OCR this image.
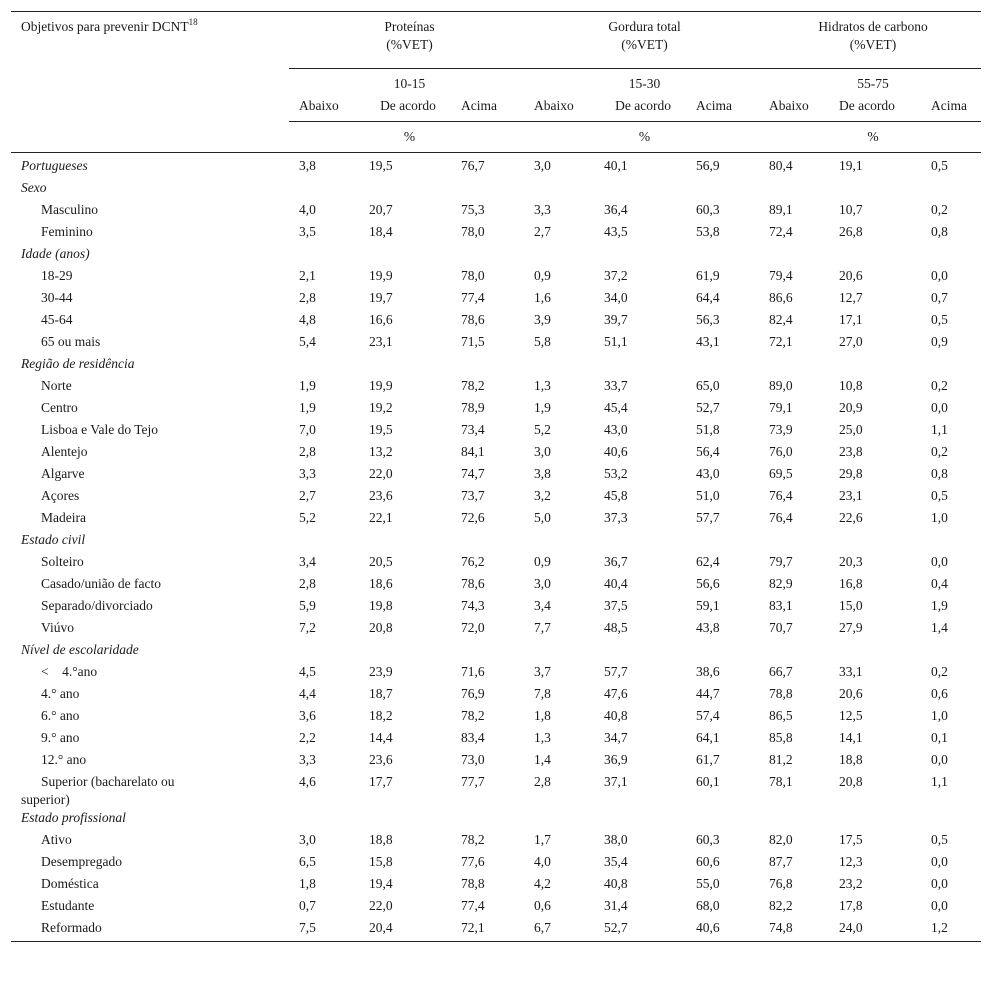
Objetivos para prevenir DCNT$^{18}$	Proteínas
(%VET)			Gordura total
(%VET)			Hidratos de carbono
(%VET)		
	10-15			15-30			55-75		
	Abaixo	De acordo	Acima	Abaixo	De acordo	Acima	Abaixo	De acordo	Acima
	%			%			%		
Portugueses	3,8	19,5	76,7	3,0	40,1	56,9	80,4	19,1	0,5
Sexo									
Masculino	4,0	20,7	75,3	3,3	36,4	60,3	89,1	10,7	0,2
Feminino	3,5	18,4	78,0	2,7	43,5	53,8	72,4	26,8	0,8
Idade (anos)									
18-29	2,1	19,9	78,0	0,9	37,2	61,9	79,4	20,6	0,0
30-44	2,8	19,7	77,4	1,6	34,0	64,4	86,6	12,7	0,7
45-64	4,8	16,6	78,6	3,9	39,7	56,3	82,4	17,1	0,5
65 ou mais	5,4	23,1	71,5	5,8	51,1	43,1	72,1	27,0	0,9
Região de residência									
Norte	1,9	19,9	78,2	1,3	33,7	65,0	89,0	10,8	0,2
Centro	1,9	19,2	78,9	1,9	45,4	52,7	79,1	20,9	0,0
Lisboa e Vale do Tejo	7,0	19,5	73,4	5,2	43,0	51,8	73,9	25,0	1,1
Alentejo	2,8	13,2	84,1	3,0	40,6	56,4	76,0	23,8	0,2
Algarve	3,3	22,0	74,7	3,8	53,2	43,0	69,5	29,8	0,8
Açores	2,7	23,6	73,7	3,2	45,8	51,0	76,4	23,1	0,5
Madeira	5,2	22,1	72,6	5,0	37,3	57,7	76,4	22,6	1,0
Estado civil									
Solteiro	3,4	20,5	76,2	0,9	36,7	62,4	79,7	20,3	0,0
Casado/união de facto	2,8	18,6	78,6	3,0	40,4	56,6	82,9	16,8	0,4
Separado/divorciado	5,9	19,8	74,3	3,4	37,5	59,1	83,1	15,0	1,9
Viúvo	7,2	20,8	72,0	7,7	48,5	43,8	70,7	27,9	1,4
Nível de escolaridade									
<    4.°ano	4,5	23,9	71,6	3,7	57,7	38,6	66,7	33,1	0,2
4.° ano	4,4	18,7	76,9	7,8	47,6	44,7	78,8	20,6	0,6
6.° ano	3,6	18,2	78,2	1,8	40,8	57,4	86,5	12,5	1,0
9.° ano	2,2	14,4	83,4	1,3	34,7	64,1	85,8	14,1	0,1
12.° ano	3,3	23,6	73,0	1,4	36,9	61,7	81,2	18,8	0,0
Superior (bacharelato ou
superior)	4,6	17,7	77,7	2,8	37,1	60,1	78,1	20,8	1,1
Estado profissional									
Ativo	3,0	18,8	78,2	1,7	38,0	60,3	82,0	17,5	0,5
Desempregado	6,5	15,8	77,6	4,0	35,4	60,6	87,7	12,3	0,0
Doméstica	1,8	19,4	78,8	4,2	40,8	55,0	76,8	23,2	0,0
Estudante	0,7	22,0	77,4	0,6	31,4	68,0	82,2	17,8	0,0
Reformado	7,5	20,4	72,1	6,7	52,7	40,6	74,8	24,0	1,2
